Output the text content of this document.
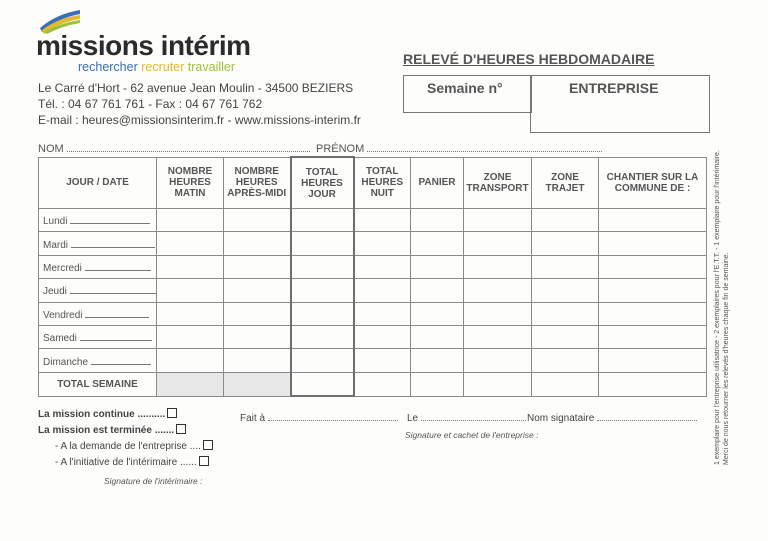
missions intérim
rechercher recruter travailler
Le Carré d'Hort - 62 avenue Jean Moulin - 34500 BEZIERS
Tél. : 04 67 761 761 - Fax : 04 67 761 762
E-mail : heures@missionsinterim.fr - www.missions-interim.fr
RELEVÉ D'HEURES HEBDOMADAIRE
Semaine n°	ENTREPRISE
NOM	PRÉNOM
JOUR / DATE	NOMBRE HEURES MATIN	NOMBRE HEURES APRÈS-MIDI	TOTAL HEURES JOUR	TOTAL HEURES NUIT	PANIER	ZONE TRANSPORT	ZONE TRAJET	CHANTIER SUR LA COMMUNE DE :
Lundi								
Mardi								
Mercredi								
Jeudi								
Vendredi								
Samedi								
Dimanche								
TOTAL SEMAINE								
La mission continue ..........
La mission est terminée .......
- A la demande de l'entreprise ....
- A l'initiative de l'intérimaire ......
Signature de l'intérimaire :
Fait à	Le	Nom signataire
Signature et cachet de l'entreprise :	1 exemplaire pour l'entreprise utilisatrice - 2 exemplaires pour l'E.T.T. - 1 exemplaire pour l'intérimaire. Merci de nous retourner les relevés d'heures chaque fin de semaine.
